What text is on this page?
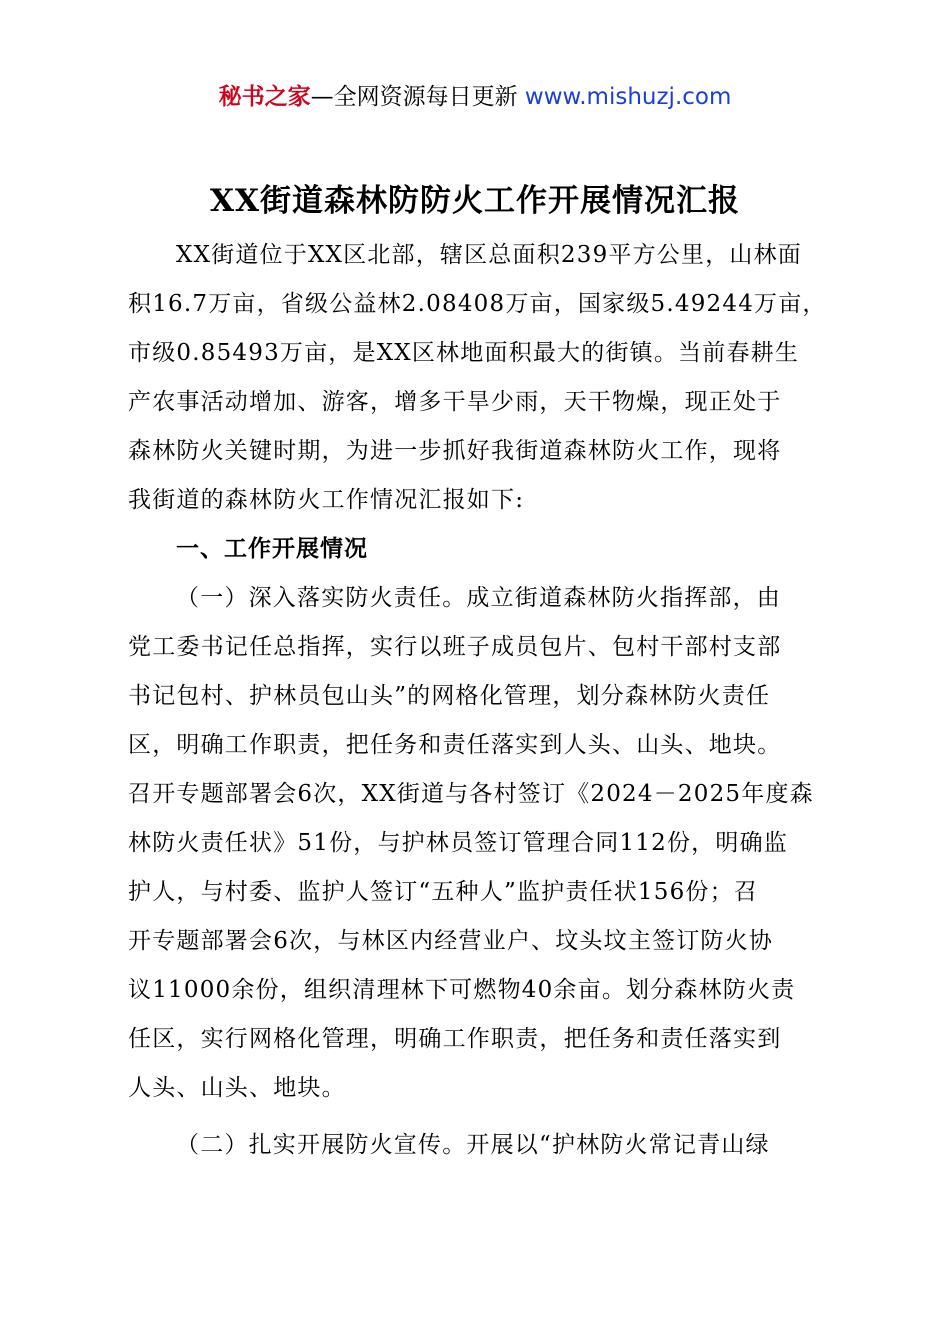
秘书之家—全网资源每日更新 www.mishuzj.com
XX街道森林防防火工作开展情况汇报
XX街道位于XX区北部，辖区总面积239平方公里，山林面
积16.7万亩，省级公益林2.08408万亩，国家级5.49244万亩，
市级0.85493万亩，是XX区林地面积最大的街镇。当前春耕生
产农事活动增加、游客，增多干旱少雨，天干物燥，现正处于
森林防火关键时期，为进一步抓好我街道森林防火工作，现将
我街道的森林防火工作情况汇报如下:
一、工作开展情况
（一）深入落实防火责任。成立街道森林防火指挥部，由
党工委书记任总指挥，实行以班子成员包片、包村干部村支部
书记包村、护林员包山头”的网格化管理，划分森林防火责任
区，明确工作职责，把任务和责任落实到人头、山头、地块。
召开专题部署会6次，XX街道与各村签订《2024－2025年度森
林防火责任状》51份，与护林员签订管理合同112份，明确监
护人，与村委、监护人签订“五种人”监护责任状156份；召
开专题部署会6次，与林区内经营业户、坟头坟主签订防火协
议11000余份，组织清理林下可燃物40余亩。划分森林防火责
任区，实行网格化管理，明确工作职责，把任务和责任落实到
人头、山头、地块。
（二）扎实开展防火宣传。开展以“护林防火常记青山绿
